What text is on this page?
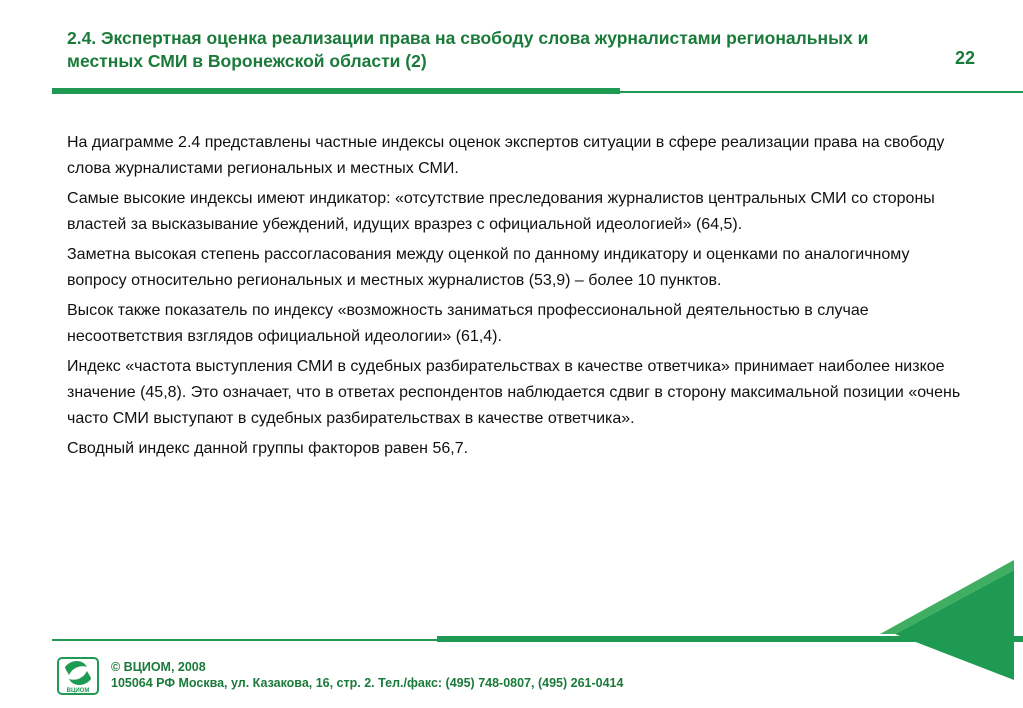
2.4. Экспертная оценка реализации права на свободу слова журналистами региональных и местных СМИ в Воронежской области (2)	22

На диаграмме 2.4 представлены частные индексы оценок экспертов ситуации в сфере реализации права на свободу слова журналистами региональных и местных СМИ.

Самые высокие индексы имеют индикатор: «отсутствие преследования журналистов центральных СМИ со стороны властей за высказывание убеждений, идущих вразрез с официальной идеологией» (64,5).

Заметна высокая степень рассогласования между оценкой по данному индикатору и оценками по аналогичному вопросу относительно региональных и местных журналистов (53,9) – более 10 пунктов.

Высок также показатель по индексу «возможность заниматься профессиональной деятельностью в случае несоответствия взглядов официальной идеологии» (61,4).

Индекс «частота выступления СМИ в судебных разбирательствах в качестве ответчика» принимает наиболее низкое значение (45,8). Это означает, что в ответах респондентов наблюдается сдвиг в сторону максимальной позиции «очень часто СМИ выступают в судебных разбирательствах в качестве ответчика».

Сводный индекс данной группы факторов равен 56,7.

ВЦИОМ
© ВЦИОМ, 2008
105064 РФ Москва, ул. Казакова, 16, стр. 2. Тел./факс: (495) 748-0807, (495) 261-0414
